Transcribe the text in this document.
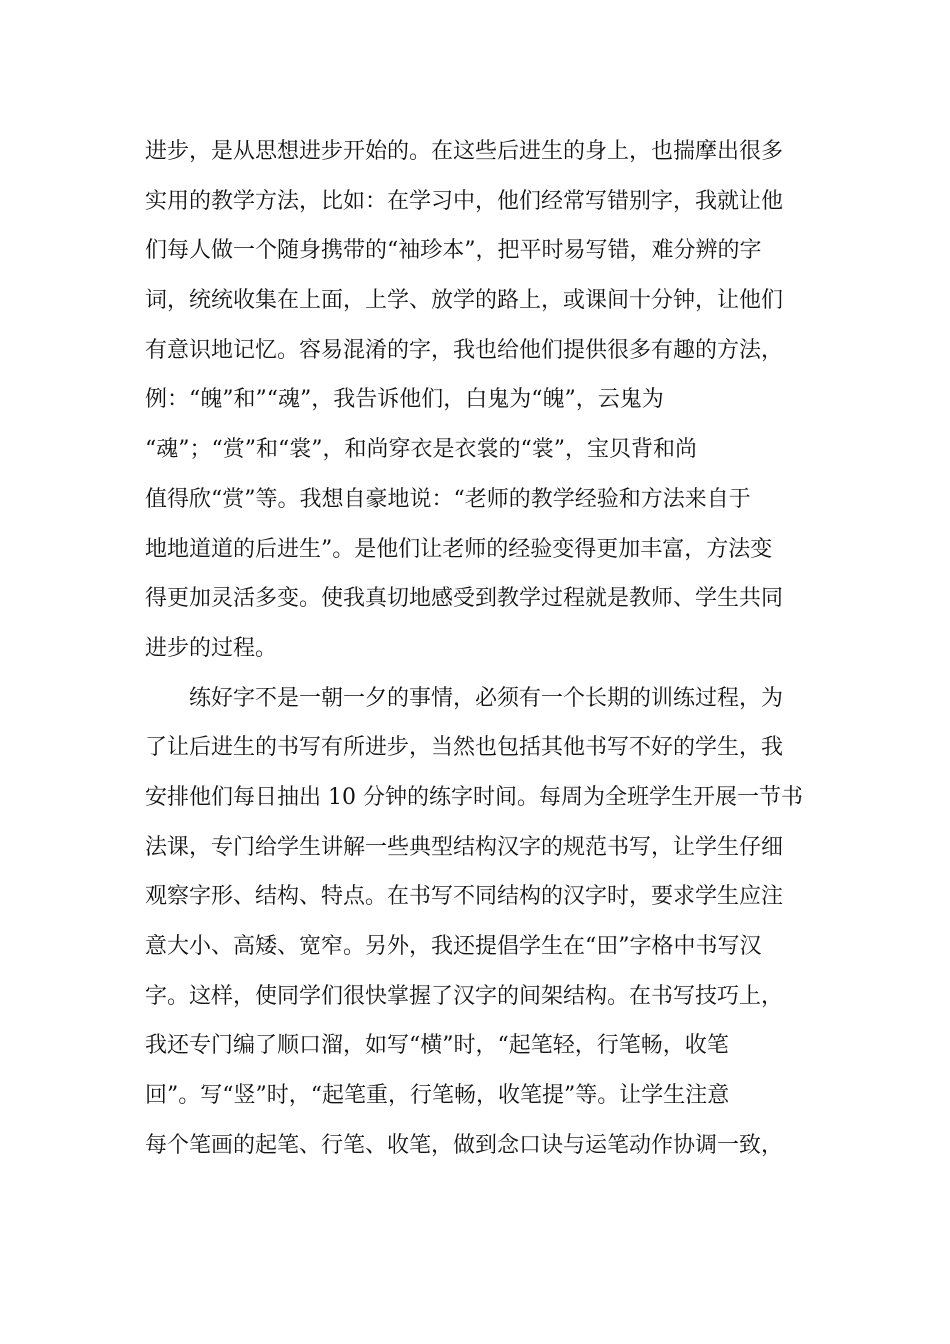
进步，是从思想进步开始的。在这些后进生的身上，也揣摩出很多
实用的教学方法，比如：在学习中，他们经常写错别字，我就让他
们每人做一个随身携带的“袖珍本”，把平时易写错，难分辨的字
词，统统收集在上面，上学、放学的路上，或课间十分钟，让他们
有意识地记忆。容易混淆的字，我也给他们提供很多有趣的方法，
例：“魄”和”“魂”，我告诉他们，白鬼为“魄”，云鬼为
“魂”；“赏”和“裳”，和尚穿衣是衣裳的“裳”，宝贝背和尚
值得欣“赏”等。我想自豪地说：“老师的教学经验和方法来自于
地地道道的后进生”。是他们让老师的经验变得更加丰富，方法变
得更加灵活多变。使我真切地感受到教学过程就是教师、学生共同
进步的过程。
练好字不是一朝一夕的事情，必须有一个长期的训练过程，为
了让后进生的书写有所进步，当然也包括其他书写不好的学生，我
安排他们每日抽出 10 分钟的练字时间。每周为全班学生开展一节书
法课，专门给学生讲解一些典型结构汉字的规范书写，让学生仔细
观察字形、结构、特点。在书写不同结构的汉字时，要求学生应注
意大小、高矮、宽窄。另外，我还提倡学生在“田”字格中书写汉
字。这样，使同学们很快掌握了汉字的间架结构。在书写技巧上，
我还专门编了顺口溜，如写“横”时，“起笔轻，行笔畅，收笔
回”。写“竖”时，“起笔重，行笔畅，收笔提”等。让学生注意
每个笔画的起笔、行笔、收笔，做到念口诀与运笔动作协调一致，
